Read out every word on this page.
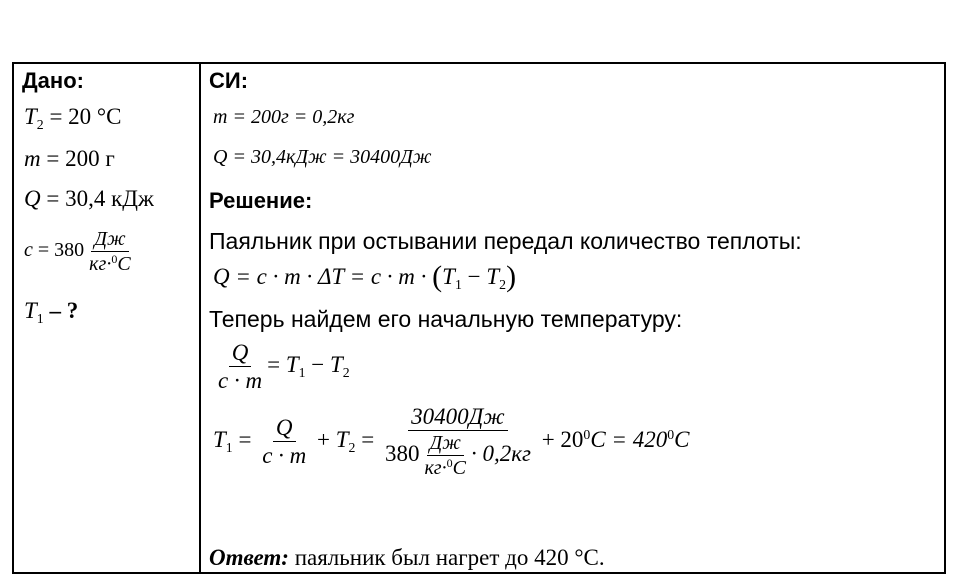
Дано:
$T_2 = 20$ °C
m = 200 г
Q = 30,4 кДж
$c = 380 \frac{Дж}{кг\cdot^0C}$
$T_1$ – ?
СИ:
m = 200г = 0,2кг
Q = 30,4кДж = 30400Дж
Решение:
Паяльник при остывании передал количество теплоты:
$Q = c \cdot m \cdot \Delta T = c \cdot m \cdot (T_1 - T_2)$
Теперь найдем его начальную температуру:
$\frac{Q}{c \cdot m} = T_1 - T_2$
$T_1 = \frac{Q}{c \cdot m} + T_2 = \frac{30400Дж}{380 \frac{Дж}{кг\cdot^0C} \cdot 0,2кг} + 20^0C = 420^0C$
Ответ: паяльник был нагрет до 420 °C.
